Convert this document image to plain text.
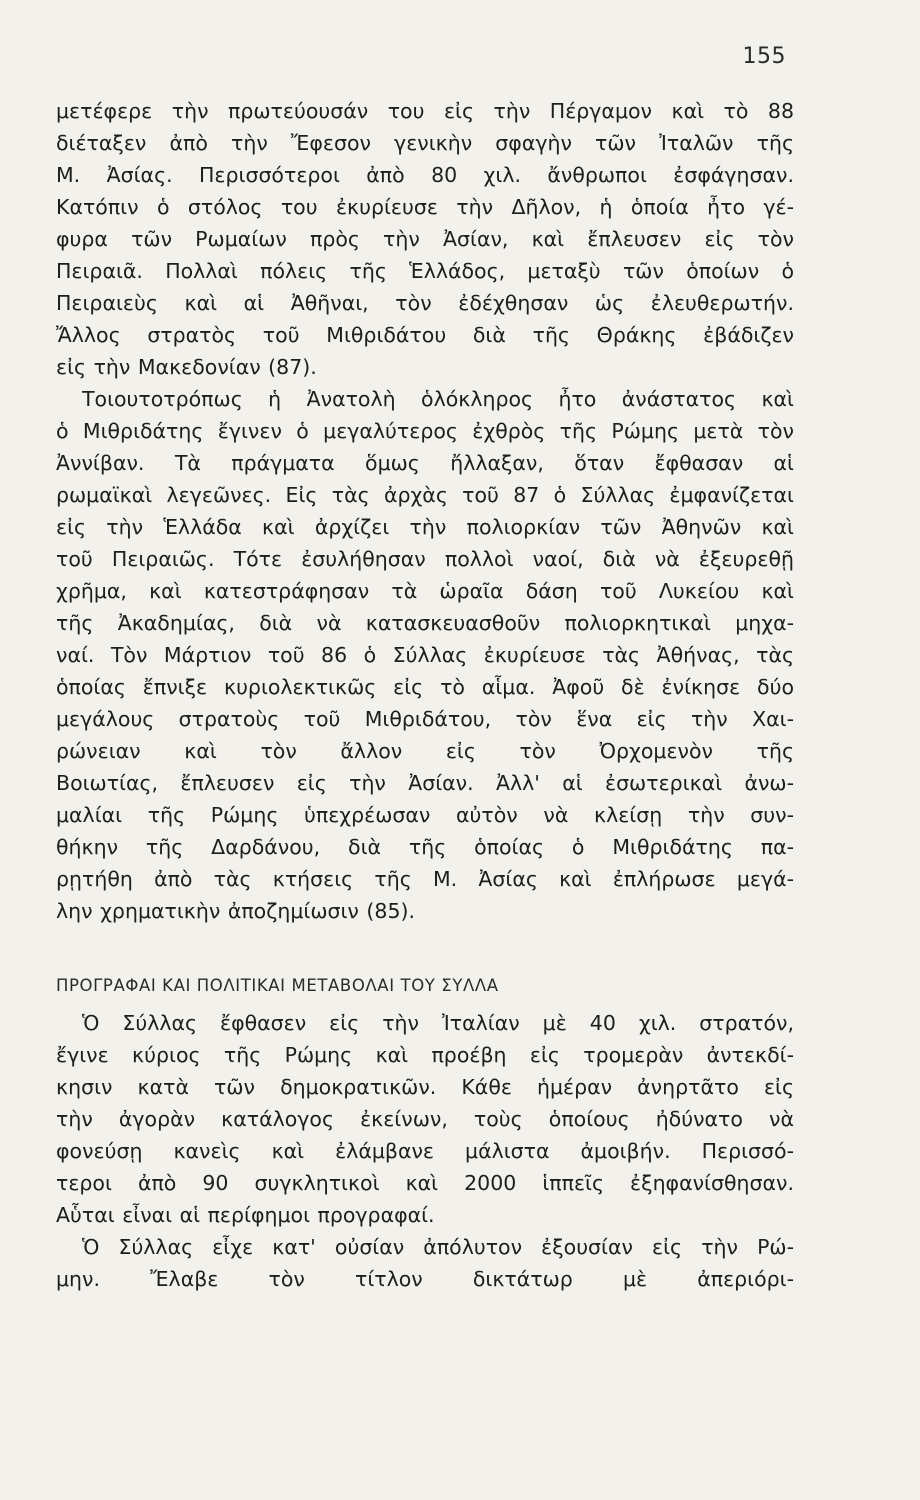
155
μετέφερε τὴν πρωτεύουσάν του εἰς τὴν Πέργαμον καὶ τὸ 88
διέταξεν ἀπὸ τὴν Ἔφεσον γενικὴν σφαγὴν τῶν Ἰταλῶν τῆς
Μ. Ἀσίας. Περισσότεροι ἀπὸ 80 χιλ. ἄνθρωποι ἐσφάγησαν.
Κατόπιν ὁ στόλος του ἐκυρίευσε τὴν Δῆλον, ἡ ὁποία ἦτο γέ-
φυρα τῶν Ρωμαίων πρὸς τὴν Ἀσίαν, καὶ ἔπλευσεν εἰς τὸν
Πειραιᾶ. Πολλαὶ πόλεις τῆς Ἑλλάδος, μεταξὺ τῶν ὁποίων ὁ
Πειραιεὺς καὶ αἱ Ἀθῆναι, τὸν ἐδέχθησαν ὡς ἐλευθερωτήν.
Ἄλλος στρατὸς τοῦ Μιθριδάτου διὰ τῆς Θράκης ἐβάδιζεν
εἰς τὴν Μακεδονίαν (87).
Τοιουτοτρόπως ἡ Ἀνατολὴ ὁλόκληρος ἦτο ἀνάστατος καὶ
ὁ Μιθριδάτης ἔγινεν ὁ μεγαλύτερος ἐχθρὸς τῆς Ρώμης μετὰ τὸν
Ἀννίβαν. Τὰ πράγματα ὅμως ἤλλαξαν, ὅταν ἔφθασαν αἱ
ρωμαϊκαὶ λεγεῶνες. Εἰς τὰς ἀρχὰς τοῦ 87 ὁ Σύλλας ἐμφανίζεται
εἰς τὴν Ἑλλάδα καὶ ἀρχίζει τὴν πολιορκίαν τῶν Ἀθηνῶν καὶ
τοῦ Πειραιῶς. Τότε ἐσυλήθησαν πολλοὶ ναοί, διὰ νὰ ἐξευρεθῇ
χρῆμα, καὶ κατεστράφησαν τὰ ὡραῖα δάση τοῦ Λυκείου καὶ
τῆς Ἀκαδημίας, διὰ νὰ κατασκευασθοῦν πολιορκητικαὶ μηχα-
ναί. Τὸν Μάρτιον τοῦ 86 ὁ Σύλλας ἐκυρίευσε τὰς Ἀθήνας, τὰς
ὁποίας ἔπνιξε κυριολεκτικῶς εἰς τὸ αἷμα. Ἀφοῦ δὲ ἐνίκησε δύο
μεγάλους στρατοὺς τοῦ Μιθριδάτου, τὸν ἕνα εἰς τὴν Χαι-
ρώνειαν καὶ τὸν ἄλλον εἰς τὸν Ὀρχομενὸν τῆς
Βοιωτίας, ἔπλευσεν εἰς τὴν Ἀσίαν. Ἀλλ' αἱ ἐσωτερικαὶ ἀνω-
μαλίαι τῆς Ρώμης ὑπεχρέωσαν αὐτὸν νὰ κλείσῃ τὴν συν-
θήκην τῆς Δαρδάνου, διὰ τῆς ὁποίας ὁ Μιθριδάτης πα-
ρῃτήθη ἀπὸ τὰς κτήσεις τῆς Μ. Ἀσίας καὶ ἐπλήρωσε μεγά-
λην χρηματικὴν ἀποζημίωσιν (85).
ΠΡΟΓΡΑΦΑΙ ΚΑΙ ΠΟΛΙΤΙΚΑΙ ΜΕΤΑΒΟΛΑΙ ΤΟΥ ΣΥΛΛΑ
Ὁ Σύλλας ἔφθασεν εἰς τὴν Ἰταλίαν μὲ 40 χιλ. στρατόν,
ἔγινε κύριος τῆς Ρώμης καὶ προέβη εἰς τρομερὰν ἀντεκδί-
κησιν κατὰ τῶν δημοκρατικῶν. Κάθε ἡμέραν ἀνηρτᾶτο εἰς
τὴν ἀγορὰν κατάλογος ἐκείνων, τοὺς ὁποίους ἠδύνατο νὰ
φονεύσῃ κανεὶς καὶ ἐλάμβανε μάλιστα ἀμοιβήν. Περισσό-
τεροι ἀπὸ 90 συγκλητικοὶ καὶ 2000 ἱππεῖς ἐξηφανίσθησαν.
Αὗται εἶναι αἱ περίφημοι προγραφαί.
Ὁ Σύλλας εἶχε κατ' οὐσίαν ἀπόλυτον ἐξουσίαν εἰς τὴν Ρώ-
μην. Ἔλαβε τὸν τίτλον δικτάτωρ μὲ ἀπεριόρι-
